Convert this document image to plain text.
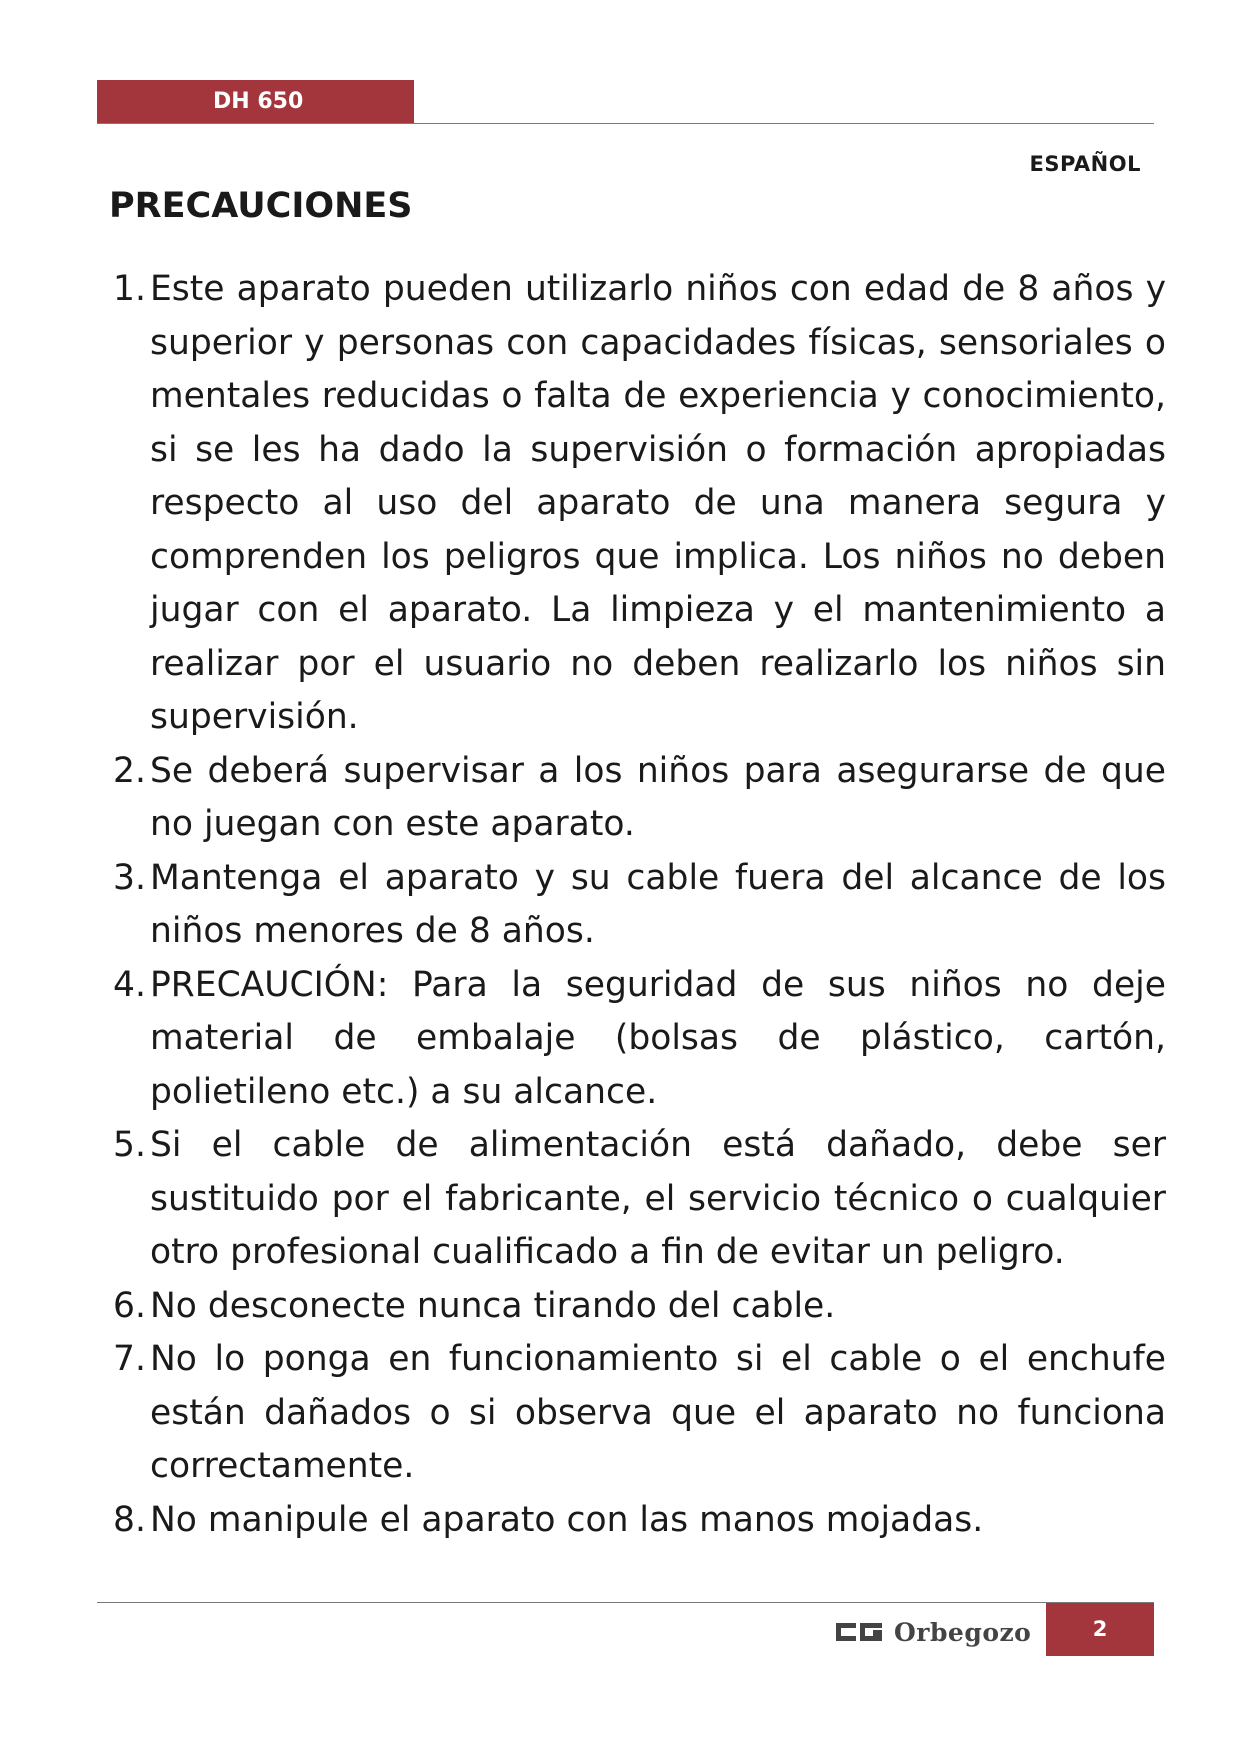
DH 650
ESPAÑOL
PRECAUCIONES
1. Este aparato pueden utilizarlo niños con edad de 8 años y superior y personas con capacidades físicas, sensoriales o mentales reducidas o falta de experiencia y conocimiento, si se les ha dado la supervisión o formación apropiadas respecto al uso del aparato de una manera segura y comprenden los peligros que implica. Los niños no deben jugar con el aparato. La limpieza y el mantenimiento a realizar por el usuario no deben realizarlo los niños sin supervisión.
2. Se deberá supervisar a los niños para asegurarse de que no juegan con este aparato.
3. Mantenga el aparato y su cable fuera del alcance de los niños menores de 8 años.
4. PRECAUCIÓN: Para la seguridad de sus niños no deje material de embalaje (bolsas de plástico, cartón, polietileno etc.) a su alcance.
5. Si el cable de alimentación está dañado, debe ser sustituido por el fabricante, el servicio técnico o cualquier otro profesional cualificado a fin de evitar un peligro.
6. No desconecte nunca tirando del cable.
7. No lo ponga en funcionamiento si el cable o el enchufe están dañados o si observa que el aparato no funciona correctamente.
8. No manipule el aparato con las manos mojadas.
Orbegozo	2
